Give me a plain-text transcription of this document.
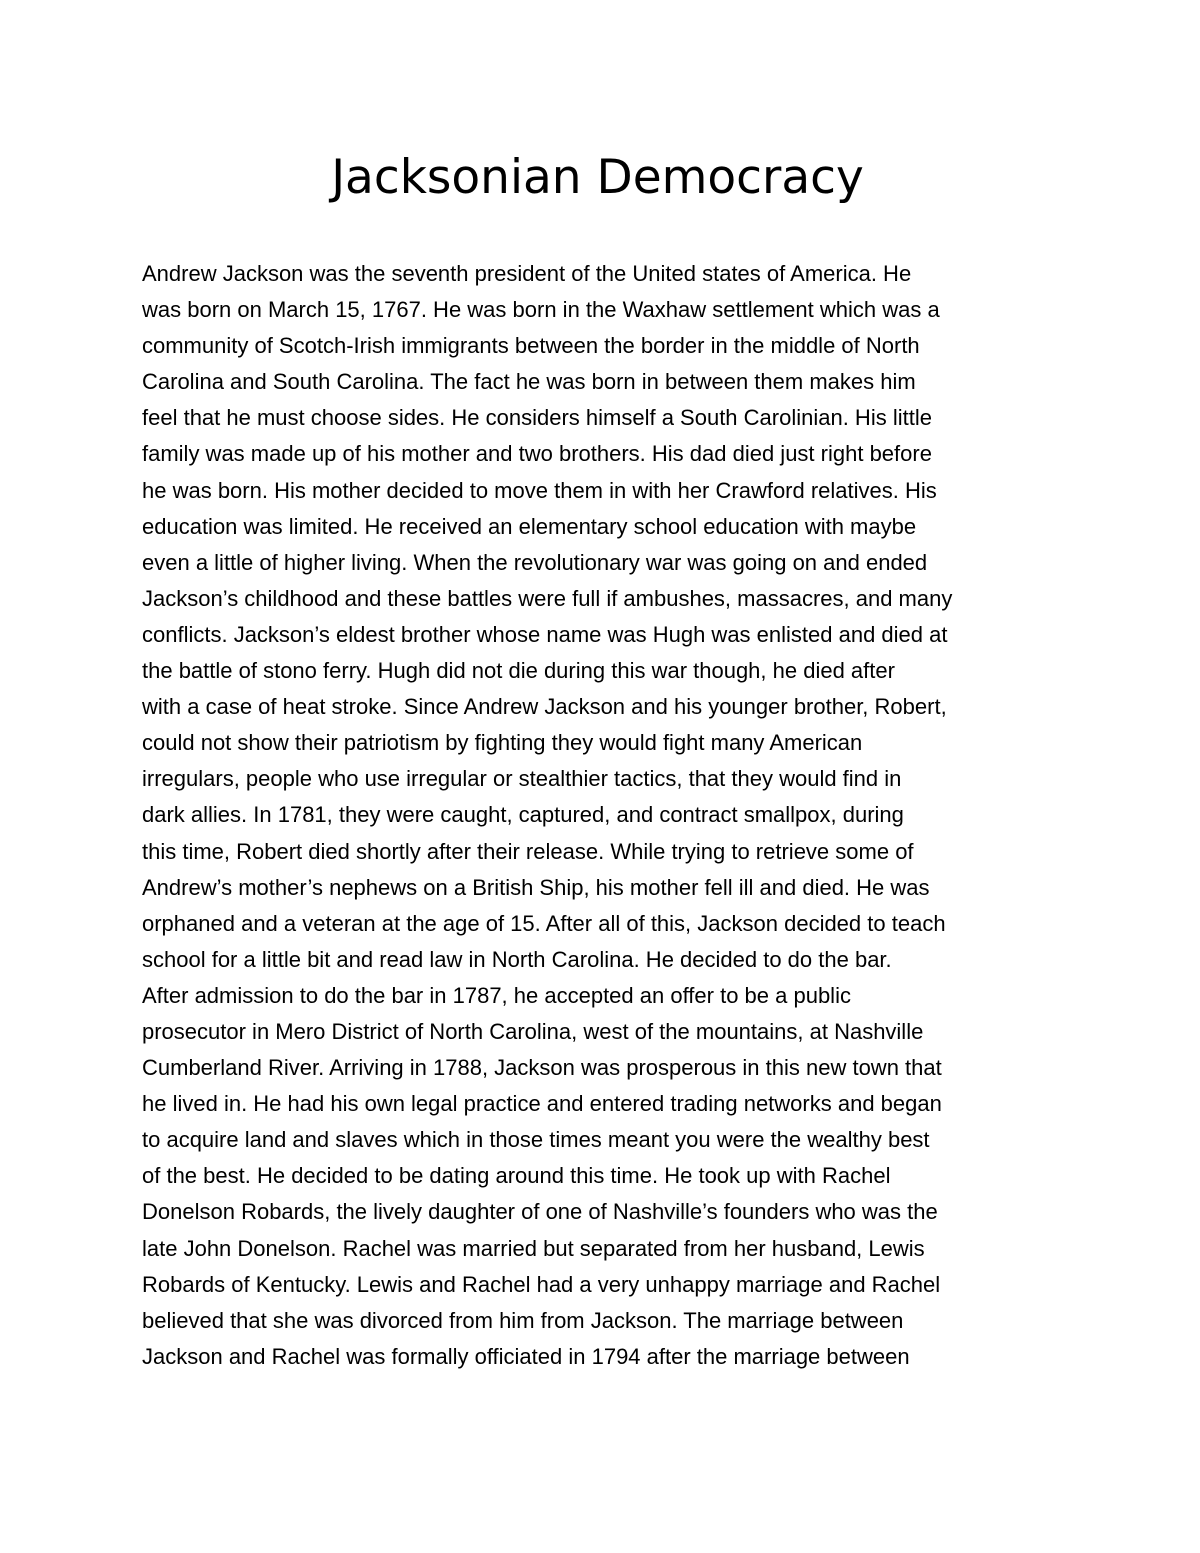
Jacksonian Democracy
Andrew Jackson was the seventh president of the United states of America. He
was born on March 15, 1767. He was born in the Waxhaw settlement which was a
community of Scotch-Irish immigrants between the border in the middle of North
Carolina and South Carolina. The fact he was born in between them makes him
feel that he must choose sides. He considers himself a South Carolinian. His little
family was made up of his mother and two brothers. His dad died just right before
he was born. His mother decided to move them in with her Crawford relatives. His
education was limited. He received an elementary school education with maybe
even a little of higher living. When the revolutionary war was going on and ended
Jackson’s childhood and these battles were full if ambushes, massacres, and many
conflicts. Jackson’s eldest brother whose name was Hugh was enlisted and died at
the battle of stono ferry. Hugh did not die during this war though, he died after
with a case of heat stroke. Since Andrew Jackson and his younger brother, Robert,
could not show their patriotism by fighting they would fight many American
irregulars, people who use irregular or stealthier tactics, that they would find in
dark allies. In 1781, they were caught, captured, and contract smallpox, during
this time, Robert died shortly after their release. While trying to retrieve some of
Andrew’s mother’s nephews on a British Ship, his mother fell ill and died. He was
orphaned and a veteran at the age of 15. After all of this, Jackson decided to teach
school for a little bit and read law in North Carolina. He decided to do the bar.
After admission to do the bar in 1787, he accepted an offer to be a public
prosecutor in Mero District of North Carolina, west of the mountains, at Nashville
Cumberland River. Arriving in 1788, Jackson was prosperous in this new town that
he lived in. He had his own legal practice and entered trading networks and began
to acquire land and slaves which in those times meant you were the wealthy best
of the best. He decided to be dating around this time. He took up with Rachel
Donelson Robards, the lively daughter of one of Nashville’s founders who was the
late John Donelson. Rachel was married but separated from her husband, Lewis
Robards of Kentucky. Lewis and Rachel had a very unhappy marriage and Rachel
believed that she was divorced from him from Jackson. The marriage between
Jackson and Rachel was formally officiated in 1794 after the marriage between
